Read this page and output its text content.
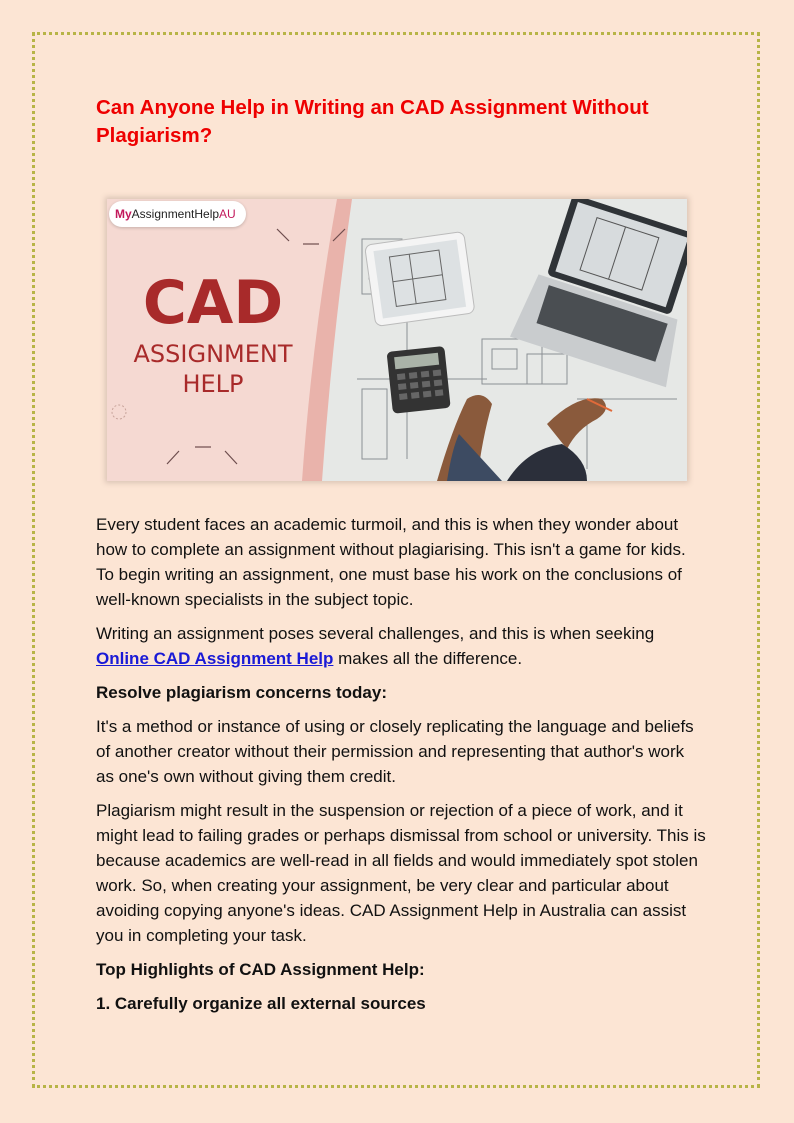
Can Anyone Help in Writing an CAD Assignment Without Plagiarism?
My AssignmentHelp AU
CAD
ASSIGNMENT
HELP

Every student faces an academic turmoil, and this is when they wonder about how to complete an assignment without plagiarising. This isn't a game for kids. To begin writing an assignment, one must base his work on the conclusions of well-known specialists in the subject topic.

Writing an assignment poses several challenges, and this is when seeking Online CAD Assignment Help makes all the difference.

Resolve plagiarism concerns today:

It's a method or instance of using or closely replicating the language and beliefs of another creator without their permission and representing that author's work as one's own without giving them credit.

Plagiarism might result in the suspension or rejection of a piece of work, and it might lead to failing grades or perhaps dismissal from school or university. This is because academics are well-read in all fields and would immediately spot stolen work. So, when creating your assignment, be very clear and particular about avoiding copying anyone's ideas. CAD Assignment Help in Australia can assist you in completing your task.

Top Highlights of CAD Assignment Help:

1. Carefully organize all external sources
